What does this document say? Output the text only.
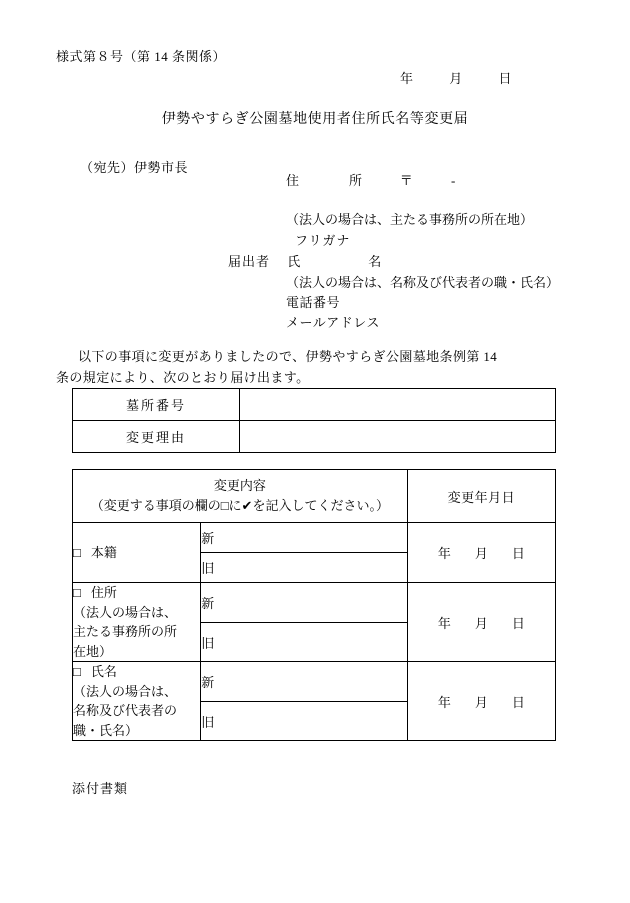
様式第８号（第 14 条関係）
年	月	日
伊勢やすらぎ公園墓地使用者住所氏名等変更届
（宛先）伊勢市長
住　　所 〒	-
（法人の場合は、主たる事務所の所在地）
フリガナ
届出者 氏　　名
（法人の場合は、名称及び代表者の職・氏名）
電話番号
メールアドレス
以下の事項に変更がありましたので、伊勢やすらぎ公園墓地条例第 14
条の規定により、次のとおり届け出ます。
墓所番号	
変更理由	
変更内容
（変更する事項の欄の□に✔を記入してください。）		変更年月日
□ 本籍	新	年 月 日
	旧	
□ 住所
（法人の場合は、
主たる事務所の所
在地）	新	年 月 日
	旧	
□ 氏名
（法人の場合は、
名称及び代表者の
職・氏名）	新	年 月 日
	旧	
添付書類
